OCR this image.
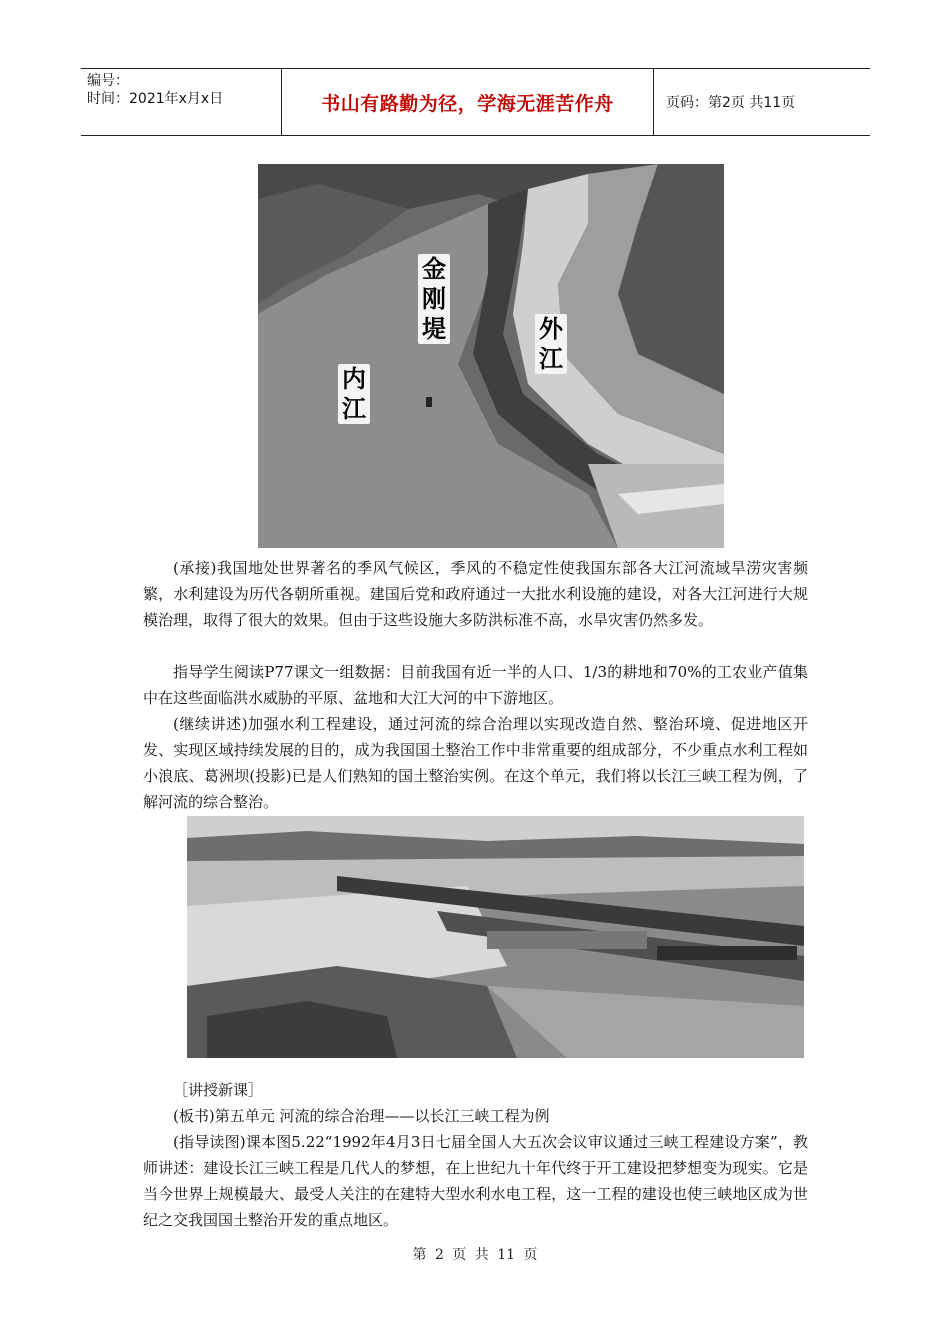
编号：
时间：2021年x月x日	书山有路勤为径，学海无涯苦作舟	页码：第2页 共11页
金
刚
堤	外
江
内
江

(承接)我国地处世界著名的季风气候区，季风的不稳定性使我国东部各大江河流域旱涝灾害频繁，水利建设为历代各朝所重视。建国后党和政府通过一大批水利设施的建设，对各大江河进行大规模治理，取得了很大的效果。但由于这些设施大多防洪标准不高，水旱灾害仍然多发。

指导学生阅读P77课文一组数据：目前我国有近一半的人口、1/3的耕地和70%的工农业产值集中在这些面临洪水威胁的平原、盆地和大江大河的中下游地区。

(继续讲述)加强水利工程建设，通过河流的综合治理以实现改造自然、整治环境、促进地区开发、实现区域持续发展的目的，成为我国国土整治工作中非常重要的组成部分，不少重点水利工程如小浪底、葛洲坝(投影)已是人们熟知的国土整治实例。在这个单元，我们将以长江三峡工程为例，了解河流的综合整治。

［讲授新课］

(板书)第五单元 河流的综合治理——以长江三峡工程为例

(指导读图)课本图5.22“1992年4月3日七届全国人大五次会议审议通过三峡工程建设方案”，教师讲述：建设长江三峡工程是几代人的梦想，在上世纪九十年代终于开工建设把梦想变为现实。它是当今世界上规模最大、最受人关注的在建特大型水利水电工程，这一工程的建设也使三峡地区成为世纪之交我国国土整治开发的重点地区。

第 2 页 共 11 页
